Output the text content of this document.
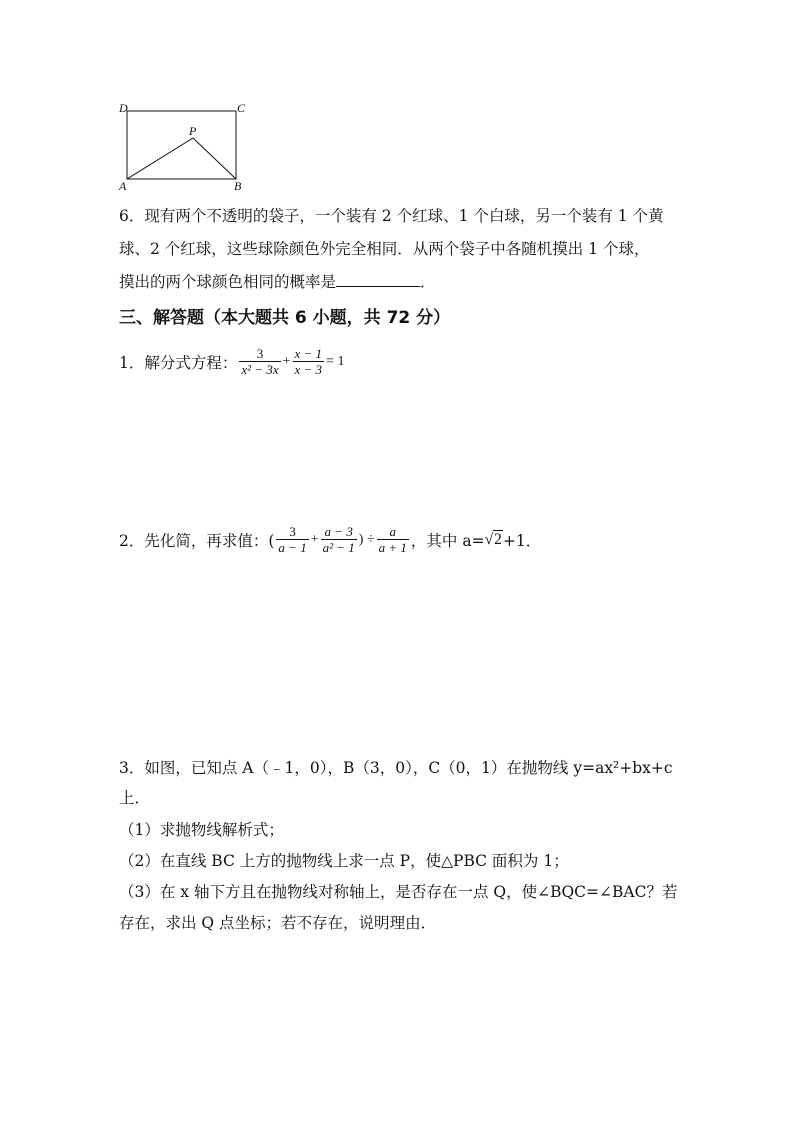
D	C
P
A	B
6．现有两个不透明的袋子，一个装有 2 个红球、1 个白球，另一个装有 1 个黄
球、2 个红球，这些球除颜色外完全相同．从两个袋子中各随机摸出 1 个球，
摸出的两个球颜色相同的概率是	．
三、解答题（本大题共 6 小题，共 72 分）
1．解分式方程： $\frac{3}{\text{x² − 3x}} + \frac{x - 1}{x - 3} = 1$
2．先化简，再求值：( $\frac{3}{a - 1} + \frac{a - 3}{\text{a² − 1}}$ ) ÷ $\frac{a}{a + 1}$ ，其中 a= √2 +1．
3．如图，已知点 A（﹣1，0），B（3，0），C（0，1）在抛物线 y=ax²+bx+c
上．
（1）求抛物线解析式；
（2）在直线 BC 上方的抛物线上求一点 P，使△PBC 面积为 1；
（3）在 x 轴下方且在抛物线对称轴上，是否存在一点 Q，使∠BQC=∠BAC？若
存在，求出 Q 点坐标；若不存在，说明理由．
